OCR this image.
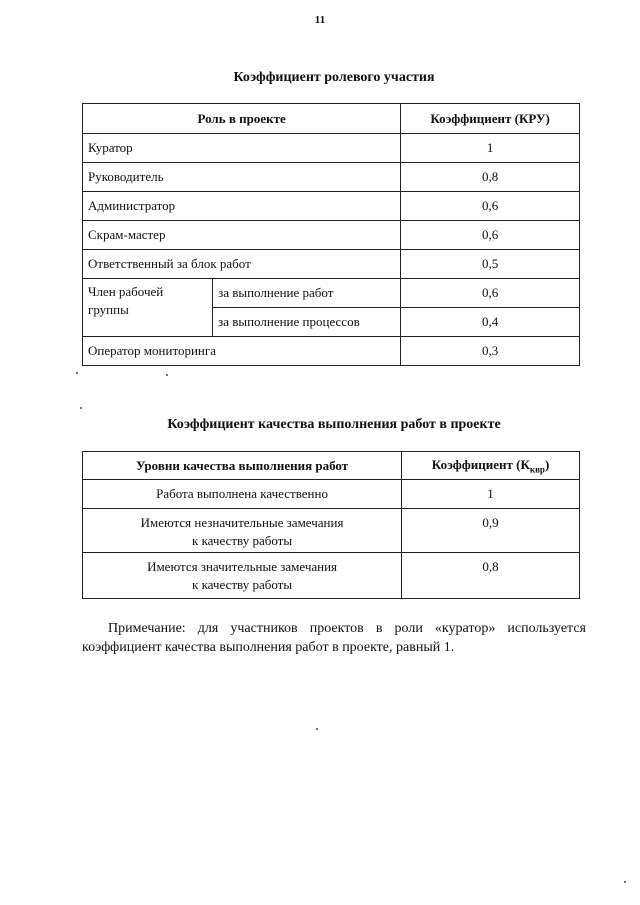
11
Коэффициент ролевого участия
Роль в проекте		Коэффициент (КРУ)
Куратор		1
Руководитель		0,8
Администратор		0,6
Скрам-мастер		0,6
Ответственный за блок работ		0,5
Член рабочей группы	за выполнение работ	0,6
	за выполнение процессов	0,4
Оператор мониторинга		0,3
Коэффициент качества выполнения работ в проекте
Уровни качества выполнения работ	Коэффициент $(К_{квр})$
Работа выполнена качественно	1
Имеются незначительные замечания
к качеству работы	0,9
Имеются значительные замечания
к качеству работы	0,8
Примечание: для участников проектов в роли «куратор» используется коэффициент качества выполнения работ в проекте, равный 1.
